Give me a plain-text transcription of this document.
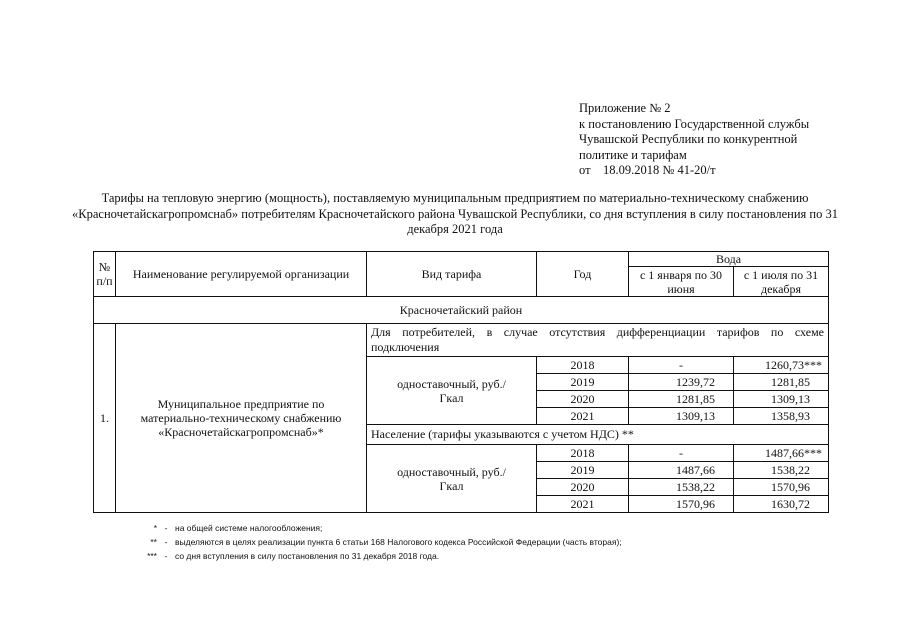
Приложение № 2
к постановлению Государственной службы
Чувашской Республики по конкурентной
политике и тарифам
от    18.09.2018 № 41-20/т
Тарифы на тепловую энергию (мощность), поставляемую муниципальным предприятием по материально-техническому снабжению «Красночетайскагропромснаб» потребителям Красночетайского района Чувашской Республики, со дня вступления в силу постановления по 31 декабря 2021 года
№ п/п	Наименование регулируемой организации	Вид тарифа	Год	Вода	
				с 1 января по 30 июня	с 1 июля по 31 декабря
Красночетайский район					
1.	Муниципальное предприятие по материально-техническому снабжению «Красночетайскагропромснаб»*	Для потребителей, в случае отсутствия дифференциации тарифов по схеме подключения			
		одноставочный, руб./Гкал	2018	-	1260,73***
			2019	1239,72	1281,85
			2020	1281,85	1309,13
			2021	1309,13	1358,93
		Население (тарифы указываются с учетом НДС) **			
		одноставочный, руб./Гкал	2018	-	1487,66***
			2019	1487,66	1538,22
			2020	1538,22	1570,96
			2021	1570,96	1630,72
* - на общей системе налогообложения;
** - выделяются в целях реализации пункта 6 статьи 168 Налогового кодекса Российской Федерации (часть вторая);
*** - со дня вступления в силу постановления по 31 декабря 2018 года.
